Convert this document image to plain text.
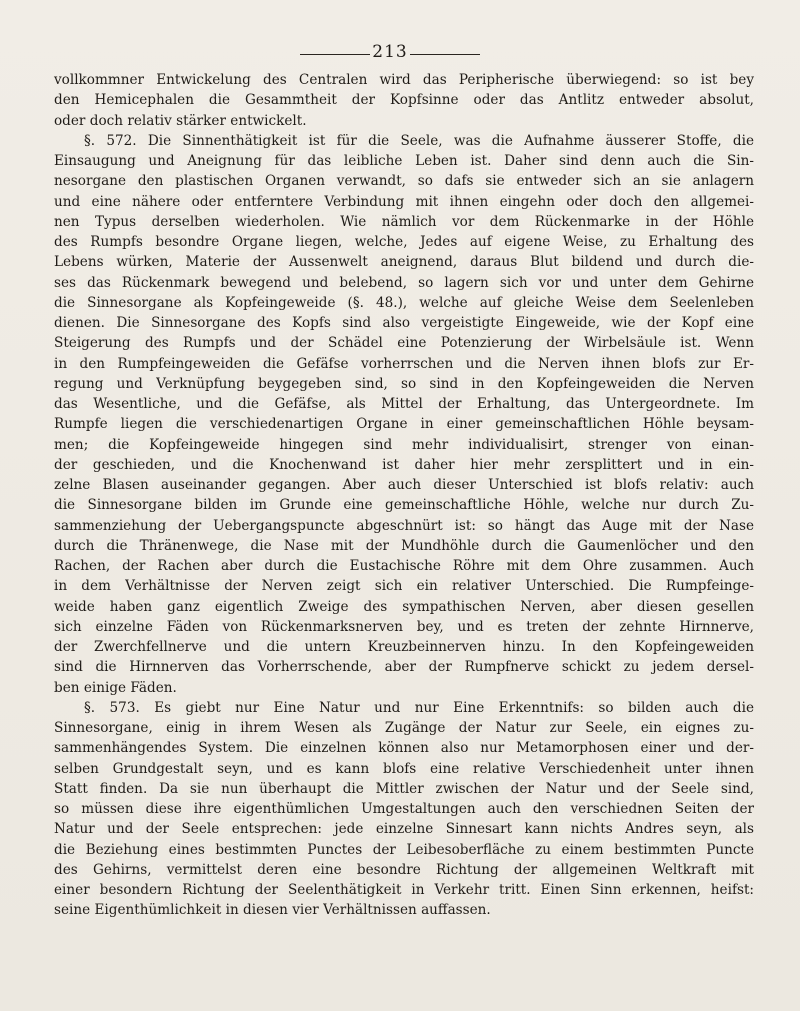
213
vollkommner Entwickelung des Centralen wird das Peripherische überwiegend: so ist bey
den Hemicephalen die Gesammtheit der Kopfsinne oder das Antlitz entweder absolut,
oder doch relativ stärker entwickelt.
§. 572. Die Sinnenthätigkeit ist für die Seele, was die Aufnahme äusserer Stoffe, die
Einsaugung und Aneignung für das leibliche Leben ist. Daher sind denn auch die Sin-
nesorgane den plastischen Organen verwandt, so dafs sie entweder sich an sie anlagern
und eine nähere oder entferntere Verbindung mit ihnen eingehn oder doch den allgemei-
nen Typus derselben wiederholen. Wie nämlich vor dem Rückenmarke in der Höhle
des Rumpfs besondre Organe liegen, welche, Jedes auf eigene Weise, zu Erhaltung des
Lebens würken, Materie der Aussenwelt aneignend, daraus Blut bildend und durch die-
ses das Rückenmark bewegend und belebend, so lagern sich vor und unter dem Gehirne
die Sinnesorgane als Kopfeingeweide (§. 48.), welche auf gleiche Weise dem Seelenleben
dienen. Die Sinnesorgane des Kopfs sind also vergeistigte Eingeweide, wie der Kopf eine
Steigerung des Rumpfs und der Schädel eine Potenzierung der Wirbelsäule ist. Wenn
in den Rumpfeingeweiden die Gefäfse vorherrschen und die Nerven ihnen blofs zur Er-
regung und Verknüpfung beygegeben sind, so sind in den Kopfeingeweiden die Nerven
das Wesentliche, und die Gefäfse, als Mittel der Erhaltung, das Untergeordnete. Im
Rumpfe liegen die verschiedenartigen Organe in einer gemeinschaftlichen Höhle beysam-
men; die Kopfeingeweide hingegen sind mehr individualisirt, strenger von einan-
der geschieden, und die Knochenwand ist daher hier mehr zersplittert und in ein-
zelne Blasen auseinander gegangen. Aber auch dieser Unterschied ist blofs relativ: auch
die Sinnesorgane bilden im Grunde eine gemeinschaftliche Höhle, welche nur durch Zu-
sammenziehung der Uebergangspuncte abgeschnürt ist: so hängt das Auge mit der Nase
durch die Thränenwege, die Nase mit der Mundhöhle durch die Gaumenlöcher und den
Rachen, der Rachen aber durch die Eustachische Röhre mit dem Ohre zusammen. Auch
in dem Verhältnisse der Nerven zeigt sich ein relativer Unterschied. Die Rumpfeinge-
weide haben ganz eigentlich Zweige des sympathischen Nerven, aber diesen gesellen
sich einzelne Fäden von Rückenmarksnerven bey, und es treten der zehnte Hirnnerve,
der Zwerchfellnerve und die untern Kreuzbeinnerven hinzu. In den Kopfeingeweiden
sind die Hirnnerven das Vorherrschende, aber der Rumpfnerve schickt zu jedem dersel-
ben einige Fäden.
§. 573. Es giebt nur Eine Natur und nur Eine Erkenntnifs: so bilden auch die
Sinnesorgane, einig in ihrem Wesen als Zugänge der Natur zur Seele, ein eignes zu-
sammenhängendes System. Die einzelnen können also nur Metamorphosen einer und der-
selben Grundgestalt seyn, und es kann blofs eine relative Verschiedenheit unter ihnen
Statt finden. Da sie nun überhaupt die Mittler zwischen der Natur und der Seele sind,
so müssen diese ihre eigenthümlichen Umgestaltungen auch den verschiednen Seiten der
Natur und der Seele entsprechen: jede einzelne Sinnesart kann nichts Andres seyn, als
die Beziehung eines bestimmten Punctes der Leibesoberfläche zu einem bestimmten Puncte
des Gehirns, vermittelst deren eine besondre Richtung der allgemeinen Weltkraft mit
einer besondern Richtung der Seelenthätigkeit in Verkehr tritt. Einen Sinn erkennen, heifst:
seine Eigenthümlichkeit in diesen vier Verhältnissen auffassen.
